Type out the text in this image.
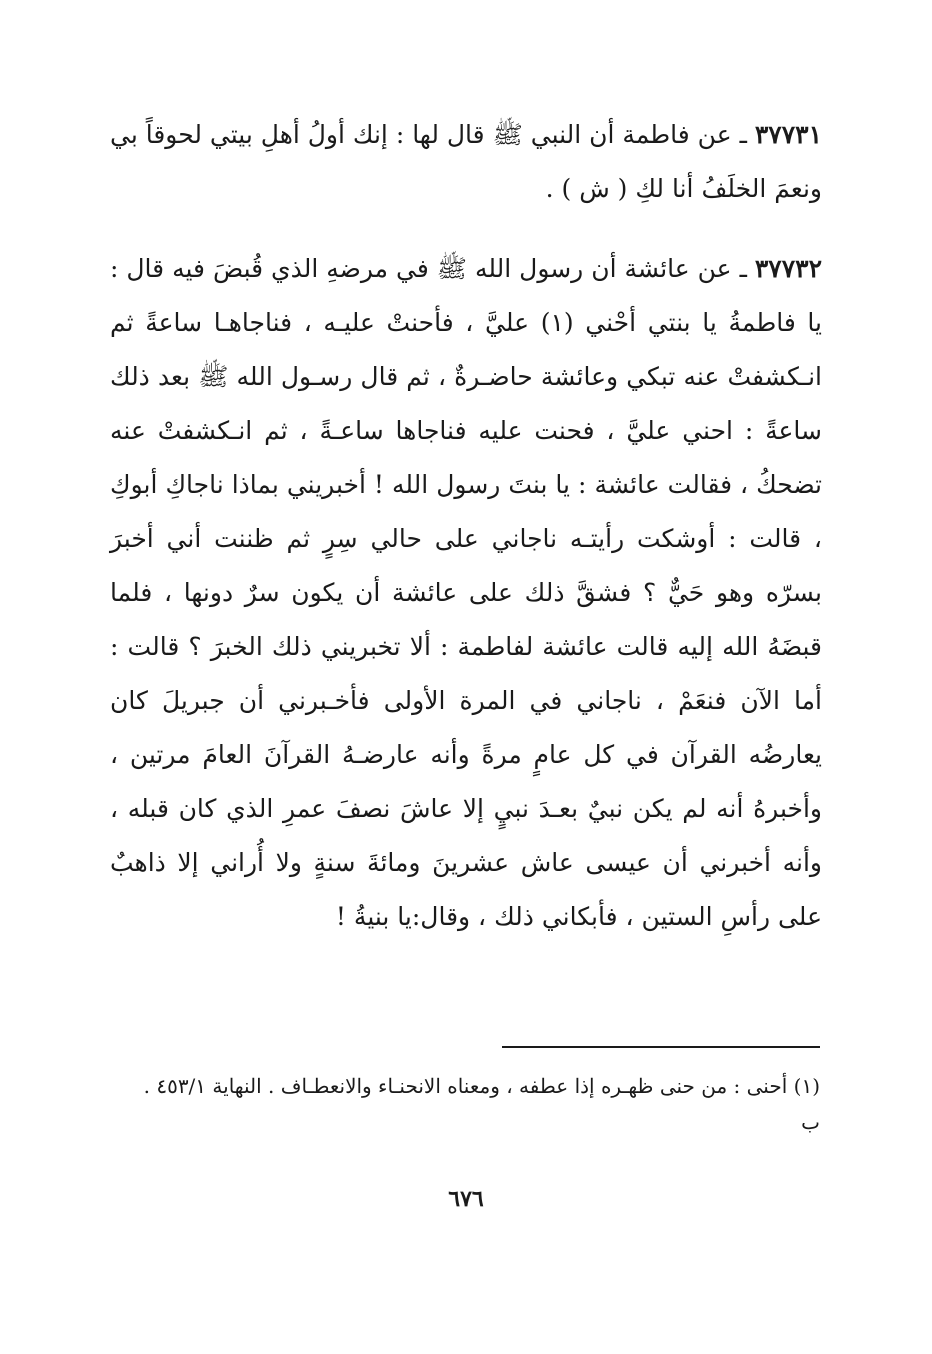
٣٧٧٣١ ـ عن فاطمة أن النبي ﷺ قال لها : إنك أولُ أهلِ بيتي لحوقاً بي ونعمَ الخلَفُ أنا لكِ ( ش ) .

٣٧٧٣٢ ـ عن عائشة أن رسول الله ﷺ في مرضهِ الذي قُبضَ فيه قال : يا فاطمةُ يا بنتي أحْني (١) عليَّ ، فأحنتْ عليـه ، فناجاهـا ساعةً ثم انـكشفتْ عنه تبكي وعائشة حاضـرةٌ ، ثم قال رسـول الله ﷺ بعد ذلك ساعةً : احني عليَّ ، فحنت عليه فناجاها ساعـةً ، ثم انـكشفتْ عنه تضحكُ ، فقالت عائشة : يا بنتَ رسول الله ! أخبريني بماذا ناجاكِ أبوكِ ، قالت : أوشكت رأيتـه ناجاني على حالي سِرٍ ثم ظننت أني أخبرَ بسرّه وهو حَيٌّ ؟ فشقَّ ذلك على عائشة أن يكون سرٌ دونها ، فلما قبضَهُ الله إليه قالت عائشة لفاطمة : ألا تخبريني ذلك الخبرَ ؟ قالت : أما الآن فنعَمْ ، ناجاني في المرة الأولى فأخـبرني أن جبريلَ كان يعارضُه القرآن في كل عامٍ مرةً وأنه عارضـهُ القرآنَ العامَ مرتين ، وأخبرهُ أنه لم يكن نبيٌ بعـدَ نبيٍ إلا عاشَ نصفَ عمرِ الذي كان قبله ، وأنه أخبرني أن عيسى عاش عشرينَ ومائةَ سنةٍ ولا أُراني إلا ذاهبٌ على رأسِ الستين ، فأبكاني ذلك ، وقال:يا بنيةُ !

(١) أحنى : من حنى ظهـره إذا عطفه ، ومعناه الانحنـاء والانعطـاف . النهاية ٤٥٣/١ . ب

٦٧٦
